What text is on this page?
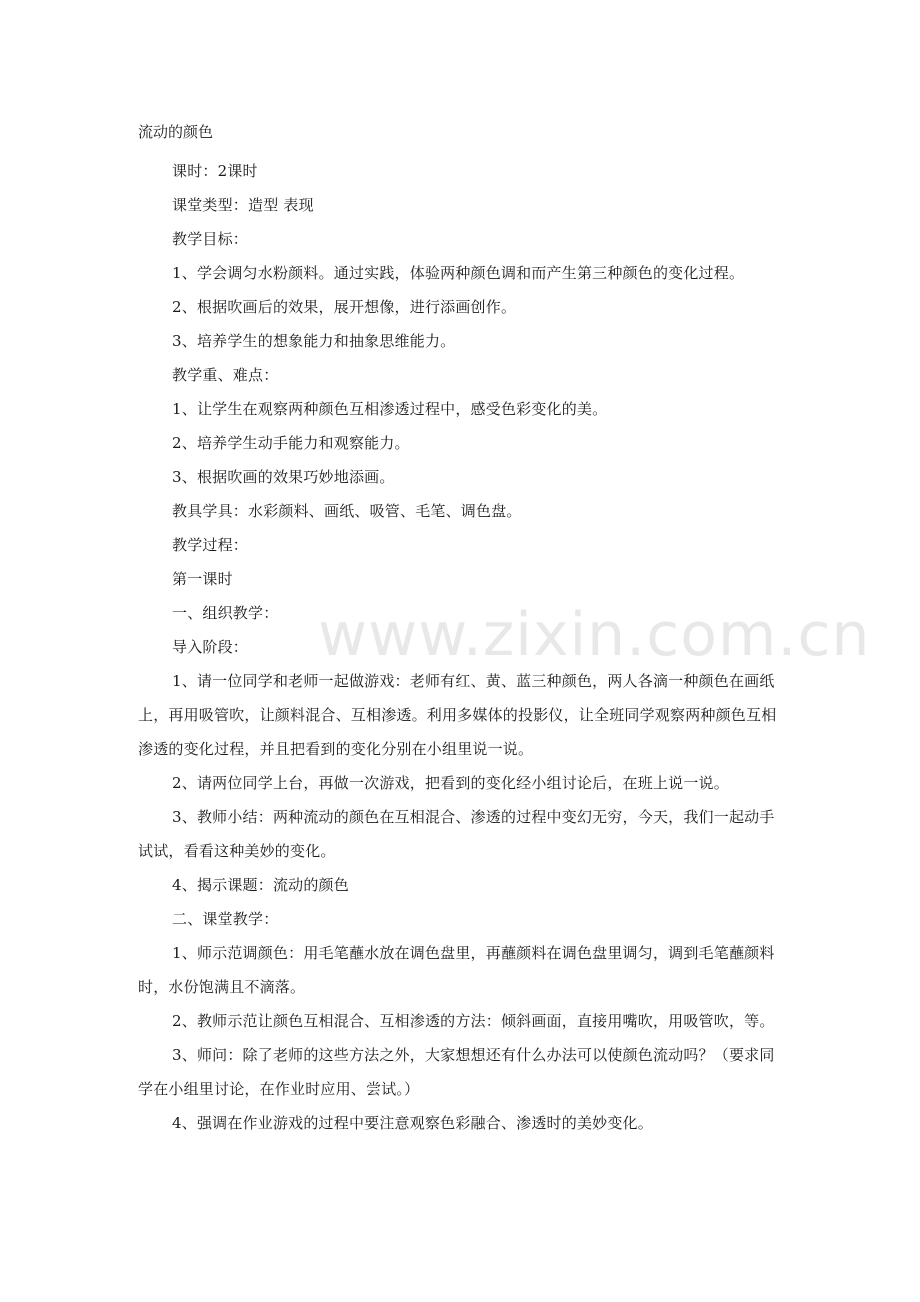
流动的颜色

课时：2课时

课堂类型：造型 表现

教学目标：

1、学会调匀水粉颜料。通过实践，体验两种颜色调和而产生第三种颜色的变化过程。

2、根据吹画后的效果，展开想像，进行添画创作。

3、培养学生的想象能力和抽象思维能力。

教学重、难点：

1、让学生在观察两种颜色互相渗透过程中，感受色彩变化的美。

2、培养学生动手能力和观察能力。

3、根据吹画的效果巧妙地添画。

教具学具：水彩颜料、画纸、吸管、毛笔、调色盘。

教学过程：

第一课时

一、组织教学：

导入阶段：

1、请一位同学和老师一起做游戏：老师有红、黄、蓝三种颜色，两人各滴一种颜色在画纸上，再用吸管吹，让颜料混合、互相渗透。利用多媒体的投影仪，让全班同学观察两种颜色互相渗透的变化过程，并且把看到的变化分别在小组里说一说。

2、请两位同学上台，再做一次游戏，把看到的变化经小组讨论后，在班上说一说。

3、教师小结：两种流动的颜色在互相混合、渗透的过程中变幻无穷，今天，我们一起动手试试，看看这种美妙的变化。

4、揭示课题：流动的颜色

二、课堂教学：

1、师示范调颜色：用毛笔蘸水放在调色盘里，再蘸颜料在调色盘里调匀，调到毛笔蘸颜料时，水份饱满且不滴落。

2、教师示范让颜色互相混合、互相渗透的方法：倾斜画面，直接用嘴吹，用吸管吹，等。

3、师问：除了老师的这些方法之外，大家想想还有什么办法可以使颜色流动吗？（要求同学在小组里讨论，在作业时应用、尝试。）

4、强调在作业游戏的过程中要注意观察色彩融合、渗透时的美妙变化。

www.zixin.com.cn
